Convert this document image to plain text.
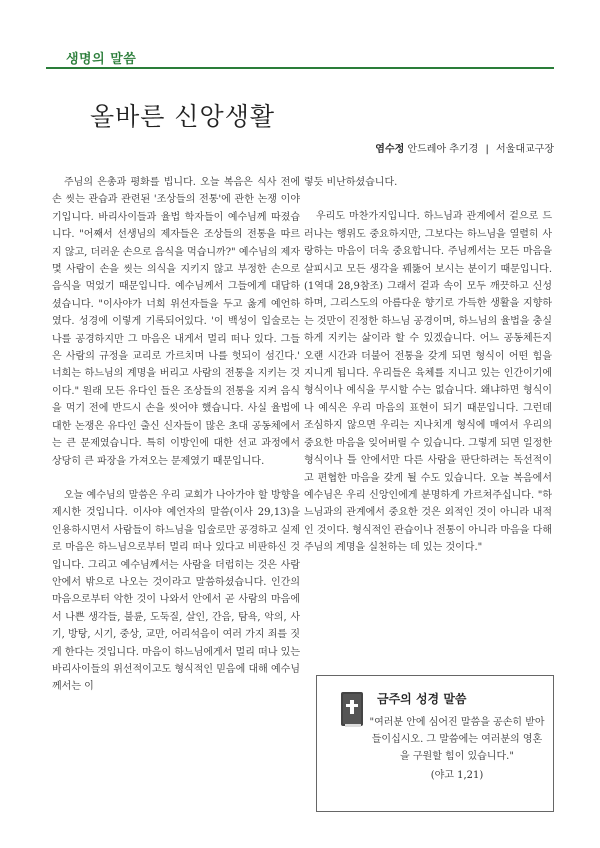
생명의 말씀
올바른 신앙생활
염수정 안드레아 추기경 | 서울대교구장

주님의 은총과 평화를 빕니다. 오늘 복음은 식사 전에 손 씻는 관습과 관련된 '조상들의 전통'에 관한 논쟁 이야기입니다. 바리사이들과 율법 학자들이 예수님께 따졌습니다. "어째서 선생님의 제자들은 조상들의 전통을 따르지 않고, 더러운 손으로 음식을 먹습니까?" 예수님의 제자 몇 사람이 손을 씻는 의식을 지키지 않고 부정한 손으로 음식을 먹었기 때문입니다. 예수님께서 그들에게 대답하셨습니다. "이사야가 너희 위선자들을 두고 옳게 예언하였다. 성경에 이렇게 기록되어있다. '이 백성이 입술로는 나를 공경하지만 그 마음은 내게서 멀리 떠나 있다. 그들은 사람의 규정을 교리로 가르치며 나를 헛되이 섬긴다.' 너희는 하느님의 계명을 버리고 사람의 전통을 지키는 것이다." 원래 모든 유다인 들은 조상들의 전통을 지켜 음식을 먹기 전에 반드시 손을 씻어야 했습니다. 사실 율법에 대한 논쟁은 유다인 출신 신자들이 많은 초대 공동체에서는 큰 문제였습니다. 특히 이방인에 대한 선교 과정에서 상당히 큰 파장을 가져오는 문제였기 때문입니다.

오늘 예수님의 말씀은 우리 교회가 나아가야 할 방향을 제시한 것입니다. 이사야 예언자의 말씀(이사 29,13)을 인용하시면서 사람들이 하느님을 입술로만 공경하고 실제로 마음은 하느님으로부터 멀리 떠나 있다고 비판하신 것입니다. 그리고 예수님께서는 사람을 더럽히는 것은 사람 안에서 밖으로 나오는 것이라고 말씀하셨습니다. 인간의 마음으로부터 악한 것이 나와서 안에서 곧 사람의 마음에서 나쁜 생각들, 불륜, 도둑질, 살인, 간음, 탐욕, 악의, 사기, 방탕, 시기, 중상, 교만, 어리석음이 여러 가지 죄를 짓게 한다는 것입니다. 마음이 하느님에게서 멀리 떠나 있는 바리사이들의 위선적이고도 형식적인 믿음에 대해 예수님께서는 이

렇듯 비난하셨습니다.

우리도 마찬가지입니다. 하느님과 관계에서 겉으로 드러나는 행위도 중요하지만, 그보다는 하느님을 열렬히 사랑하는 마음이 더욱 중요합니다. 주님께서는 모든 마음을 살피시고 모든 생각을 꿰뚫어 보시는 분이기 때문입니다.(1역대 28,9참조) 그래서 겉과 속이 모두 깨끗하고 신성하며, 그리스도의 아름다운 향기로 가득한 생활을 지향하는 것만이 진정한 하느님 공경이며, 하느님의 율법을 충실하게 지키는 삶이라 할 수 있겠습니다. 어느 공동체든지 오랜 시간과 더불어 전통을 갖게 되면 형식이 어떤 힘을 지니게 됩니다. 우리들은 육체를 지니고 있는 인간이기에 형식이나 예식을 무시할 수는 없습니다. 왜냐하면 형식이나 예식은 우리 마음의 표현이 되기 때문입니다. 그런데 조심하지 않으면 우리는 지나치게 형식에 매여서 우리의 중요한 마음을 잊어버릴 수 있습니다. 그렇게 되면 일정한 형식이나 틀 안에서만 다른 사람을 판단하려는 독선적이고 편협한 마음을 갖게 될 수도 있습니다. 오늘 복음에서 예수님은 우리 신앙인에게 분명하게 가르쳐주십니다. "하느님과의 관계에서 중요한 것은 외적인 것이 아니라 내적인 것이다. 형식적인 관습이나 전통이 아니라 마음을 다해 주님의 계명을 실천하는 데 있는 것이다."

금주의 성경 말씀
"여러분 안에 심어진 말씀을 공손히 받아들이십시오. 그 말씀에는 여러분의 영혼을 구원할 힘이 있습니다."
(야고 1,21)
